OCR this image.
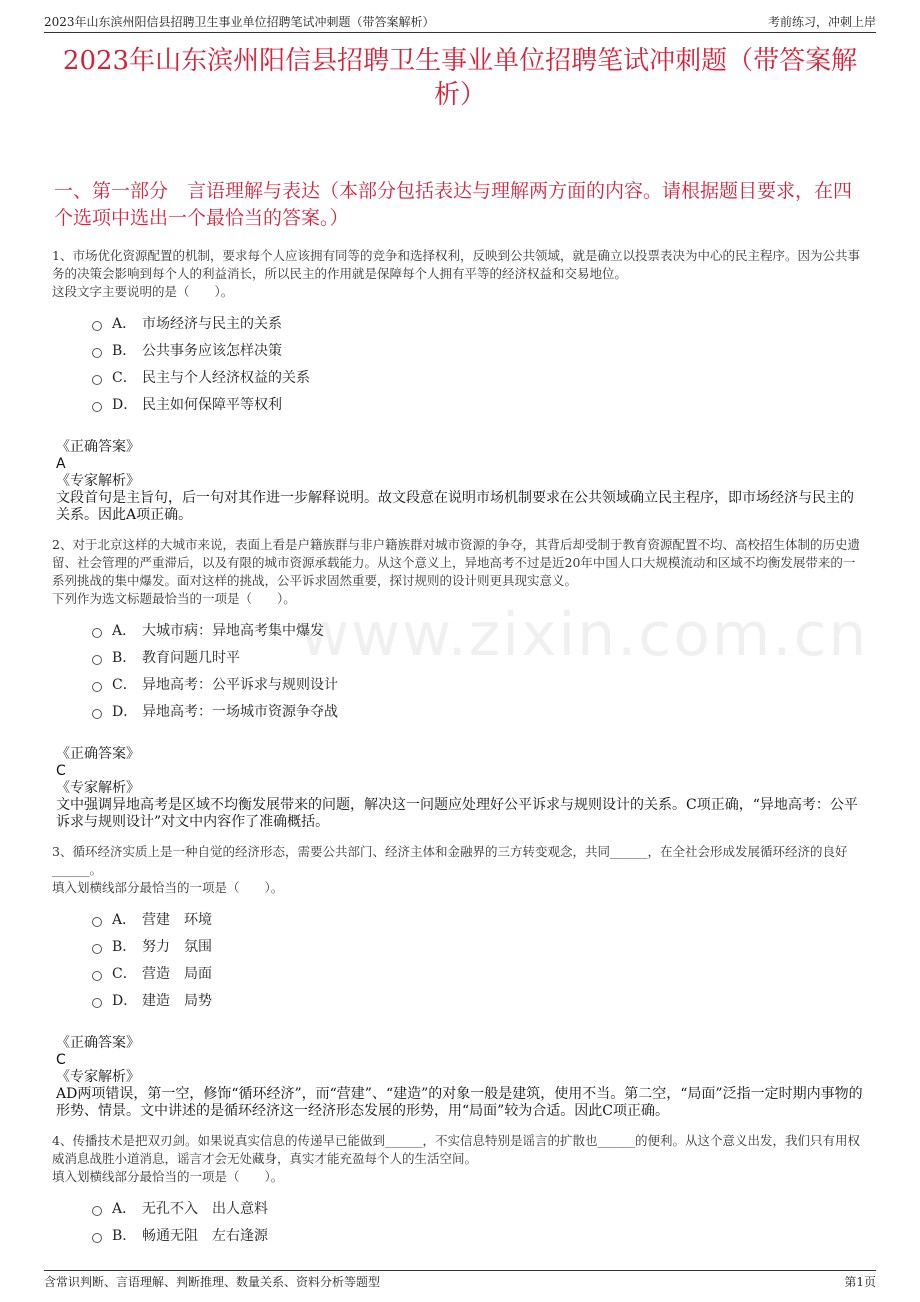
2023年山东滨州阳信县招聘卫生事业单位招聘笔试冲刺题（带答案解析）	考前练习，冲刺上岸
2023年山东滨州阳信县招聘卫生事业单位招聘笔试冲刺题（带答案解析）
一、第一部分　言语理解与表达（本部分包括表达与理解两方面的内容。请根据题目要求，在四个选项中选出一个最恰当的答案。）
www.zixin.com.cn

1、市场优化资源配置的机制，要求每个人应该拥有同等的竞争和选择权利，反映到公共领域，就是确立以投票表决为中心的民主程序。因为公共事务的决策会影响到每个人的利益消长，所以民主的作用就是保障每个人拥有平等的经济权益和交易地位。

这段文字主要说明的是（　　）。

A． 市场经济与民主的关系
B． 公共事务应该怎样决策
C． 民主与个人经济权益的关系
D． 民主如何保障平等权利
《正确答案》
A
《专家解析》
文段首句是主旨句，后一句对其作进一步解释说明。故文段意在说明市场机制要求在公共领域确立民主程序，即市场经济与民主的关系。因此A项正确。

2、对于北京这样的大城市来说，表面上看是户籍族群与非户籍族群对城市资源的争夺，其背后却受制于教育资源配置不均、高校招生体制的历史遗留、社会管理的严重滞后，以及有限的城市资源承载能力。从这个意义上，异地高考不过是近20年中国人口大规模流动和区域不均衡发展带来的一系列挑战的集中爆发。面对这样的挑战，公平诉求固然重要，探讨规则的设计则更具现实意义。

下列作为选文标题最恰当的一项是（　　）。

A． 大城市病：异地高考集中爆发
B． 教育问题几时平
C． 异地高考：公平诉求与规则设计
D． 异地高考：一场城市资源争夺战
《正确答案》
C
《专家解析》
文中强调异地高考是区域不均衡发展带来的问题，解决这一问题应处理好公平诉求与规则设计的关系。C项正确，“异地高考：公平诉求与规则设计”对文中内容作了准确概括。

3、循环经济实质上是一种自觉的经济形态，需要公共部门、经济主体和金融界的三方转变观念，共同______，在全社会形成发展循环经济的良好______。

填入划横线部分最恰当的一项是（　　）。

A． 营建　环境
B． 努力　氛围
C． 营造　局面
D． 建造　局势
《正确答案》
C
《专家解析》
AD两项错误，第一空，修饰“循环经济”，而“营建”、“建造”的对象一般是建筑，使用不当。第二空，“局面”泛指一定时期内事物的形势、情景。文中讲述的是循环经济这一经济形态发展的形势，用“局面”较为合适。因此C项正确。

4、传播技术是把双刃剑。如果说真实信息的传递早已能做到______，不实信息特别是谣言的扩散也______的便利。从这个意义出发，我们只有用权威消息战胜小道消息，谣言才会无处藏身，真实才能充盈每个人的生活空间。

填入划横线部分最恰当的一项是（　　）。

A． 无孔不入　出人意料
B． 畅通无阻　左右逢源
含常识判断、言语理解、判断推理、数量关系、资料分析等题型	第1页
